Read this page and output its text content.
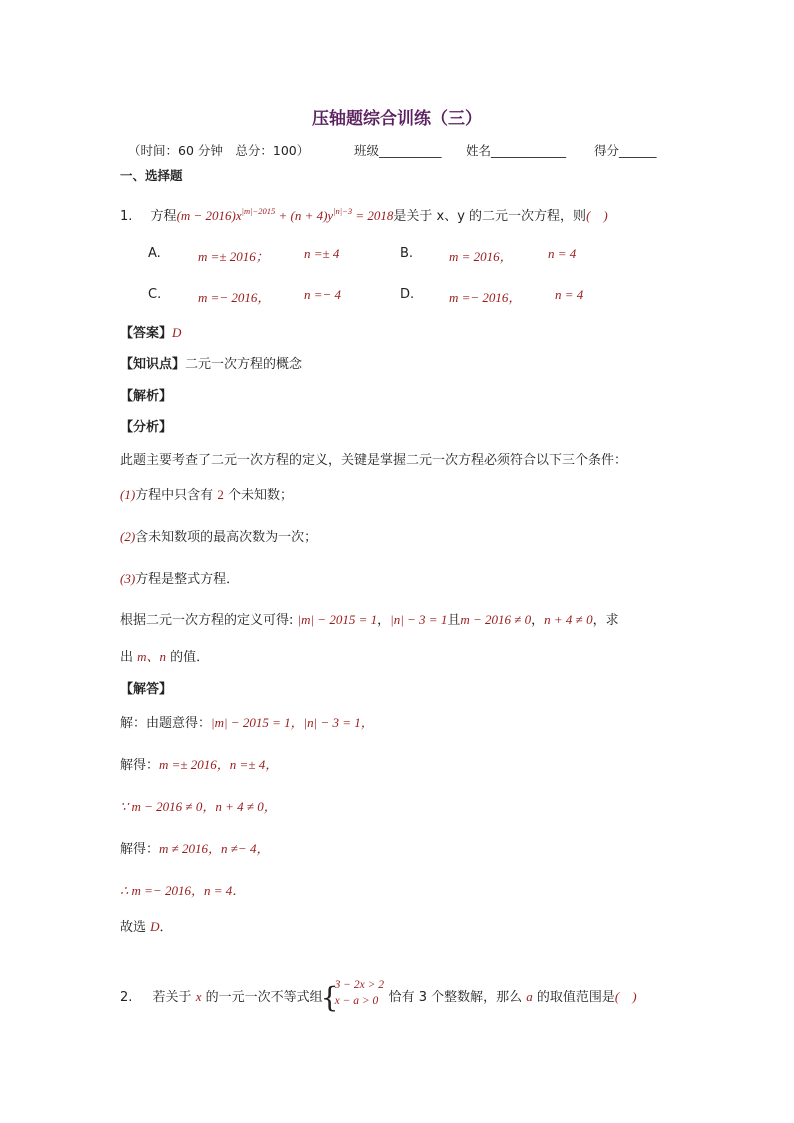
压轴题综合训练（三）
（时间：60 分钟　总分：100）	班级__________ 姓名____________ 得分______
一、选择题
1. 方程$(m - 2016)x^{|m|-2015} + (n + 4)y^{|n|-3} = 2018$是关于 x、y 的二元一次方程，则(　)
A.	m =± 2016；	n =± 4	B.	m = 2016，	n = 4
C.	m =− 2016，	n =− 4	D.	m =− 2016，	n = 4
【答案】D
【知识点】二元一次方程的概念
【解析】
【分析】
此题主要考查了二元一次方程的定义，关键是掌握二元一次方程必须符合以下三个条件：
(1)方程中只含有 2 个未知数；
(2)含未知数项的最高次数为一次；
(3)方程是整式方程．
根据二元一次方程的定义可得: |m| − 2015 = 1，|n| − 3 = 1且m − 2016 ≠ 0，n + 4 ≠ 0，求
出 m、n 的值．
【解答】
解：由题意得：|m| − 2015 = 1，|n| − 3 = 1，
解得：m =± 2016，n =± 4，
∵ m − 2016 ≠ 0，n + 4 ≠ 0，
解得：m ≠ 2016，n ≠− 4，
∴ m =− 2016，n = 4．
故选 D．
2. 若关于 x 的一元一次不等式组
{
3 − 2x > 2
x − a > 0 恰有 3 个整数解，那么 a 的取值范围是(　)
